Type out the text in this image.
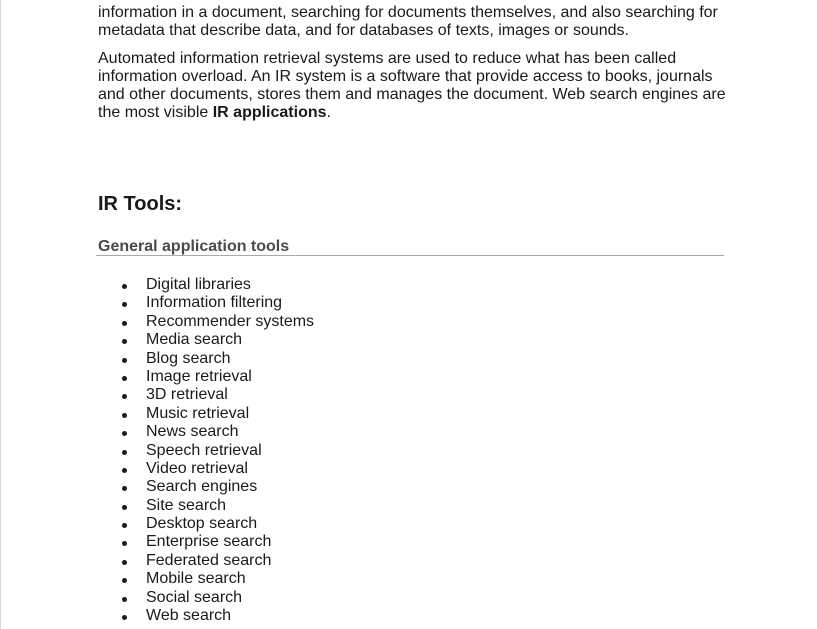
information in a document, searching for documents themselves, and also searching for metadata that describe data, and for databases of texts, images or sounds.

Automated information retrieval systems are used to reduce what has been called information overload. An IR system is a software that provide access to books, journals and other documents, stores them and manages the document. Web search engines are the most visible IR applications.

IR Tools:
General application tools
Digital libraries
Information filtering
Recommender systems
Media search
Blog search
Image retrieval
3D retrieval
Music retrieval
News search
Speech retrieval
Video retrieval
Search engines
Site search
Desktop search
Enterprise search
Federated search
Mobile search
Social search
Web search
